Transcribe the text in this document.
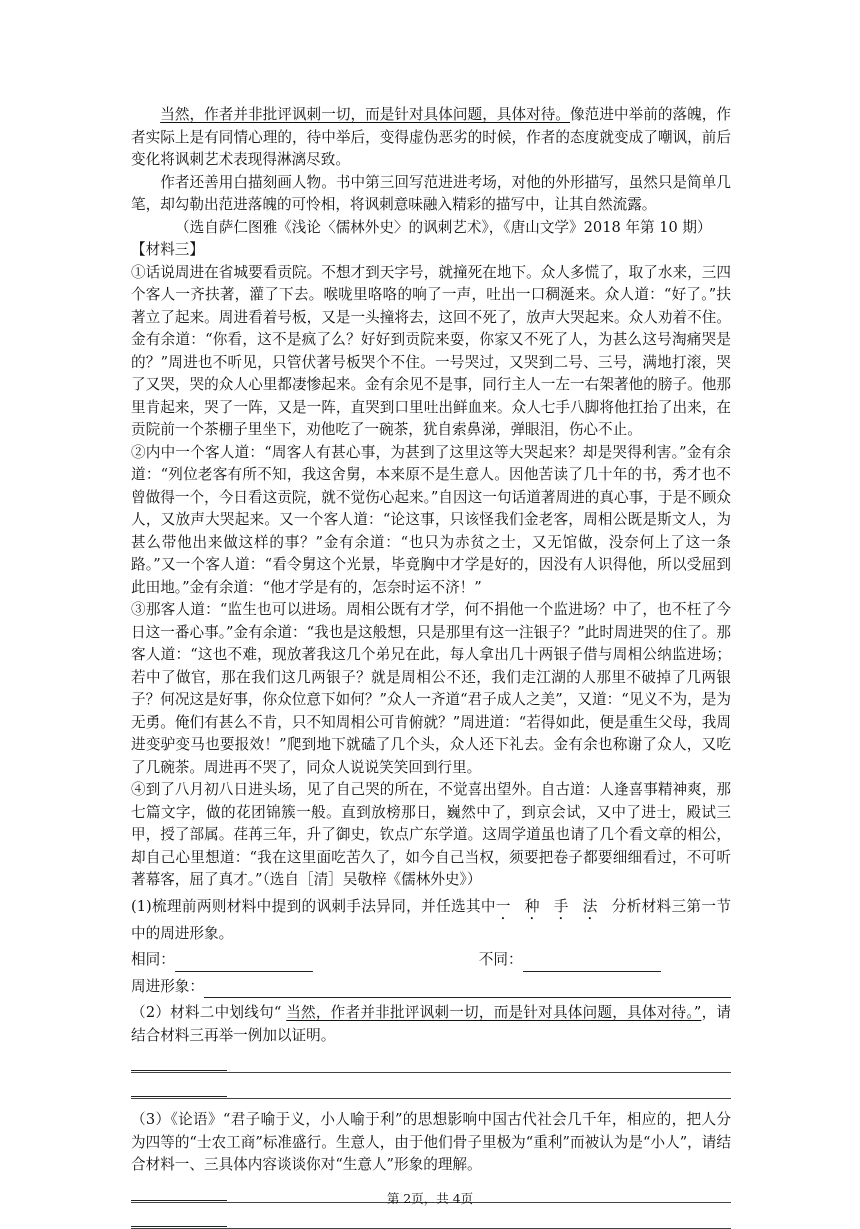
当然，作者并非批评讽刺一切，而是针对具体问题，具体对待。像范进中举前的落魄，作者实际上是有同情心理的，待中举后，变得虚伪恶劣的时候，作者的态度就变成了嘲讽，前后变化将讽刺艺术表现得淋漓尽致。

作者还善用白描刻画人物。书中第三回写范进进考场，对他的外形描写，虽然只是简单几笔，却勾勒出范进落魄的可怜相，将讽刺意味融入精彩的描写中，让其自然流露。

（选自萨仁图雅《浅论〈儒林外史〉的讽刺艺术》，《唐山文学》2018 年第 10 期）

【材料三】

①话说周进在省城要看贡院。不想才到天字号，就撞死在地下。众人多慌了，取了水来，三四个客人一齐扶著，灌了下去。喉咙里咯咯的响了一声，吐出一口稠涎来。众人道：“好了。”扶著立了起来。周进看着号板，又是一头撞将去，这回不死了，放声大哭起来。众人劝着不住。金有余道：“你看，这不是疯了么？好好到贡院来耍，你家又不死了人，为甚么这号淘痛哭是的？”周进也不听见，只管伏著号板哭个不住。一号哭过，又哭到二号、三号，满地打滚，哭了又哭，哭的众人心里都凄惨起来。金有余见不是事，同行主人一左一右架著他的膀子。他那里肯起来，哭了一阵，又是一阵，直哭到口里吐出鲜血来。众人七手八脚将他扛抬了出来，在贡院前一个茶棚子里坐下，劝他吃了一碗茶，犹自索鼻涕，弹眼泪，伤心不止。

②内中一个客人道：“周客人有甚心事，为甚到了这里这等大哭起来？却是哭得利害。”金有余道：“列位老客有所不知，我这舍舅，本来原不是生意人。因他苦读了几十年的书，秀才也不曾做得一个，今日看这贡院，就不觉伤心起来。”自因这一句话道著周进的真心事，于是不顾众人，又放声大哭起来。又一个客人道：“论这事，只该怪我们金老客，周相公既是斯文人，为甚么带他出来做这样的事？”金有余道：“也只为赤贫之士，又无馆做，没奈何上了这一条路。”又一个客人道：“看令舅这个光景，毕竟胸中才学是好的，因没有人识得他，所以受屈到此田地。”金有余道：“他才学是有的，怎奈时运不济！”

③那客人道：“监生也可以进场。周相公既有才学，何不捐他一个监进场？中了，也不枉了今日这一番心事。”金有余道：“我也是这般想，只是那里有这一注银子？”此时周进哭的住了。那客人道：“这也不难，现放著我这几个弟兄在此，每人拿出几十两银子借与周相公纳监进场；若中了做官，那在我们这几两银子？就是周相公不还，我们走江湖的人那里不破掉了几两银子？何况这是好事，你众位意下如何？”众人一齐道“君子成人之美”，又道：“见义不为，是为无勇。俺们有甚么不肯，只不知周相公可肯俯就？”周进道：“若得如此，便是重生父母，我周进变驴变马也要报效！”爬到地下就磕了几个头，众人还下礼去。金有余也称谢了众人，又吃了几碗茶。周进再不哭了，同众人说说笑笑回到行里。

④到了八月初八日进头场，见了自己哭的所在，不觉喜出望外。自古道：人逢喜事精神爽，那七篇文字，做的花团锦簇一般。直到放榜那日，巍然中了，到京会试，又中了进士，殿试三甲，授了部属。荏苒三年，升了御史，钦点广东学道。这周学道虽也请了几个看文章的相公，却自己心里想道：“我在这里面吃苦久了，如今自己当权，须要把卷子都要细细看过，不可听著幕客，屈了真才。”（选自［清］吴敬梓《儒林外史》）

(1)梳理前两则材料中提到的讽刺手法异同，并任选其中一种手法分析材料三第一节中的周进形象。

相同：	不同：
周进形象：

（2）材料二中划线句“ 当然，作者并非批评讽刺一切，而是针对具体问题，具体对待。”，请结合材料三再举一例加以证明。

（3）《论语》“君子喻于义，小人喻于利”的思想影响中国古代社会几千年，相应的，把人分为四等的“士农工商”标准盛行。生意人，由于他们骨子里极为“重利”而被认为是“小人”，请结合材料一、三具体内容谈谈你对“生意人”形象的理解。

第 2页，共 4页
